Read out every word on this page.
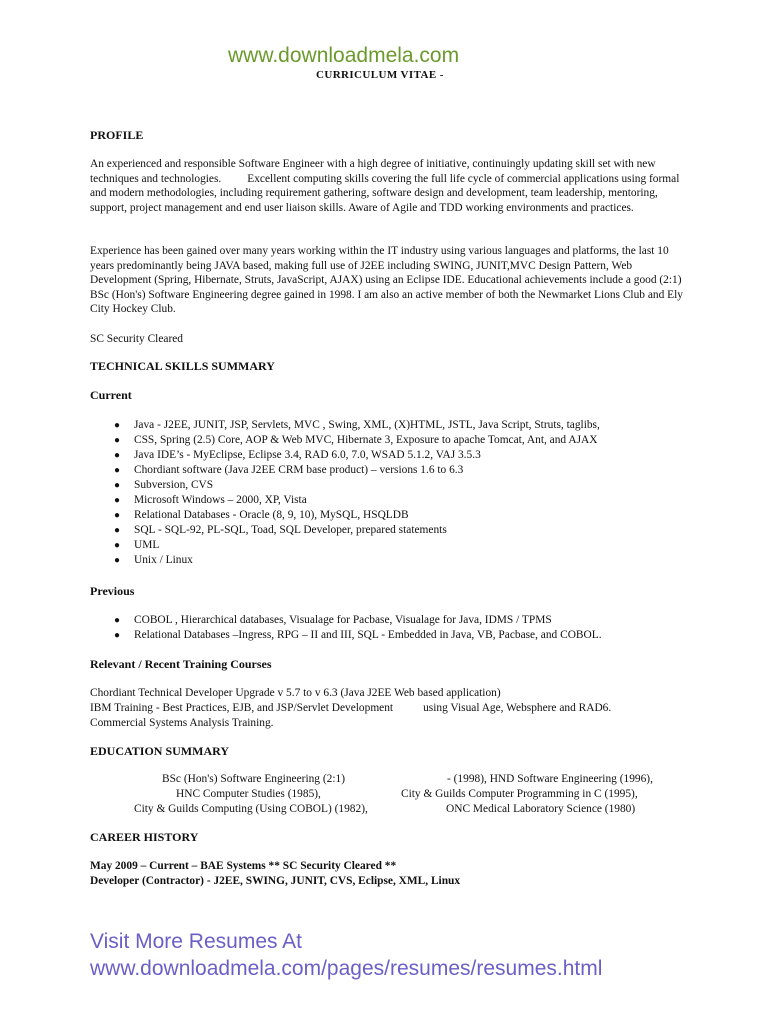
www.downloadmela.com
CURRICULUM VITAE -
PROFILE

An experienced and responsible Software Engineer with a high degree of initiative, continuingly updating skill set with new techniques and technologies. Excellent computing skills covering the full life cycle of commercial applications using formal and modern methodologies, including requirement gathering, software design and development, team leadership, mentoring, support, project management and end user liaison skills. Aware of Agile and TDD working environments and practices.

Experience has been gained over many years working within the IT industry using various languages and platforms, the last 10 years predominantly being JAVA based, making full use of J2EE including SWING, JUNIT,MVC Design Pattern, Web Development (Spring, Hibernate, Struts, JavaScript, AJAX) using an Eclipse IDE. Educational achievements include a good (2:1) BSc (Hon's) Software Engineering degree gained in 1998. I am also an active member of both the Newmarket Lions Club and Ely City Hockey Club.

SC Security Cleared
TECHNICAL SKILLS SUMMARY
Current
● Java - J2EE, JUNIT, JSP, Servlets, MVC , Swing, XML, (X)HTML, JSTL, Java Script, Struts, taglibs,
● CSS, Spring (2.5) Core, AOP & Web MVC, Hibernate 3, Exposure to apache Tomcat, Ant, and AJAX
● Java IDE’s - MyEclipse, Eclipse 3.4, RAD 6.0, 7.0, WSAD 5.1.2, VAJ 3.5.3
● Chordiant software (Java J2EE CRM base product) – versions 1.6 to 6.3
● Subversion, CVS
● Microsoft Windows – 2000, XP, Vista
● Relational Databases - Oracle (8, 9, 10), MySQL, HSQLDB
● SQL - SQL-92, PL-SQL, Toad, SQL Developer, prepared statements
● UML
● Unix / Linux
Previous
● COBOL , Hierarchical databases, Visualage for Pacbase, Visualage for Java, IDMS / TPMS
● Relational Databases –Ingress, RPG – II and III, SQL - Embedded in Java, VB, Pacbase, and COBOL.
Relevant / Recent Training Courses
Chordiant Technical Developer Upgrade v 5.7 to v 6.3 (Java J2EE Web based application)
IBM Training - Best Practices, EJB, and JSP/Servlet Development	using Visual Age, Websphere and RAD6.
Commercial Systems Analysis Training.
EDUCATION SUMMARY
BSc (Hon's) Software Engineering (2:1)	- (1998), HND Software Engineering (1996),
HNC Computer Studies (1985),	City & Guilds Computer Programming in C (1995),
City & Guilds Computing (Using COBOL) (1982),	ONC Medical Laboratory Science (1980)
CAREER HISTORY
May 2009 – Current – BAE Systems ** SC Security Cleared **
Developer (Contractor) - J2EE, SWING, JUNIT, CVS, Eclipse, XML, Linux
Visit More Resumes At
www.downloadmela.com/pages/resumes/resumes.html
